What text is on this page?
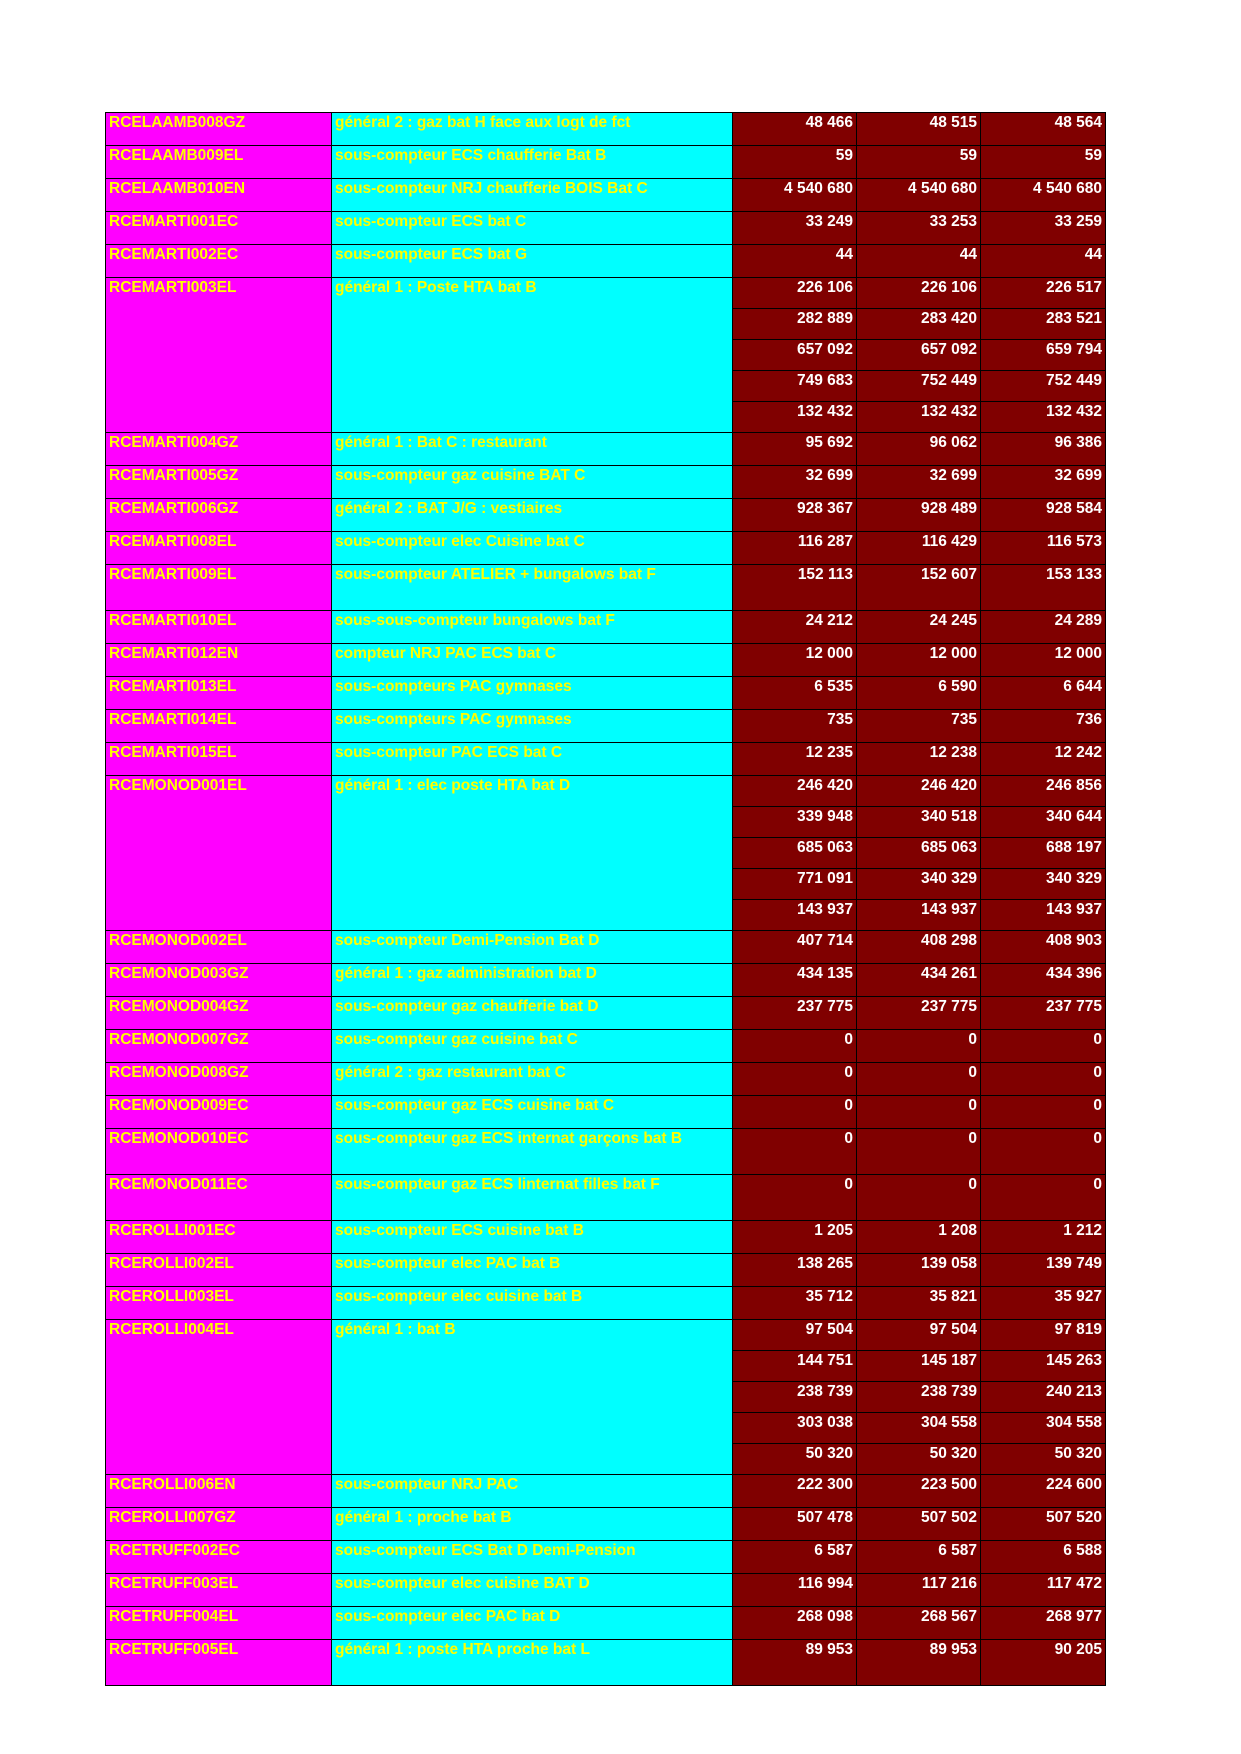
RCELAAMB008GZ	général 2 : gaz bat H face aux logt de fct	48 466	48 515	48 564
RCELAAMB009EL	sous-compteur ECS chaufferie Bat B	59	59	59
RCELAAMB010EN	sous-compteur NRJ chaufferie BOIS Bat C	4 540 680	4 540 680	4 540 680
RCEMARTI001EC	sous-compteur ECS bat C	33 249	33 253	33 259
RCEMARTI002EC	sous-compteur ECS bat G	44	44	44
RCEMARTI003EL	général 1 : Poste HTA bat B	226 106	226 106	226 517
		282 889	283 420	283 521
		657 092	657 092	659 794
		749 683	752 449	752 449
		132 432	132 432	132 432
RCEMARTI004GZ	général 1 : Bat C : restaurant	95 692	96 062	96 386
RCEMARTI005GZ	sous-compteur gaz cuisine BAT C	32 699	32 699	32 699
RCEMARTI006GZ	général 2 : BAT J/G : vestiaires	928 367	928 489	928 584
RCEMARTI008EL	sous-compteur elec Cuisine bat C	116 287	116 429	116 573
RCEMARTI009EL	sous-compteur ATELIER + bungalows bat F	152 113	152 607	153 133
RCEMARTI010EL	sous-sous-compteur bungalows bat F	24 212	24 245	24 289
RCEMARTI012EN	compteur NRJ PAC ECS bat C	12 000	12 000	12 000
RCEMARTI013EL	sous-compteurs PAC gymnases	6 535	6 590	6 644
RCEMARTI014EL	sous-compteurs PAC gymnases	735	735	736
RCEMARTI015EL	sous-compteur PAC ECS bat C	12 235	12 238	12 242
RCEMONOD001EL	général 1 : elec poste HTA bat D	246 420	246 420	246 856
		339 948	340 518	340 644
		685 063	685 063	688 197
		771 091	340 329	340 329
		143 937	143 937	143 937
RCEMONOD002EL	sous-compteur Demi-Pension Bat D	407 714	408 298	408 903
RCEMONOD003GZ	général 1 : gaz administration bat D	434 135	434 261	434 396
RCEMONOD004GZ	sous-compteur gaz chaufferie bat D	237 775	237 775	237 775
RCEMONOD007GZ	sous-compteur gaz cuisine bat C	0	0	0
RCEMONOD008GZ	général 2 : gaz restaurant bat C	0	0	0
RCEMONOD009EC	sous-compteur gaz ECS cuisine bat C	0	0	0
RCEMONOD010EC	sous-compteur gaz ECS internat garçons bat B	0	0	0
RCEMONOD011EC	sous-compteur gaz ECS linternat filles bat F	0	0	0
RCEROLLI001EC	sous-compteur ECS cuisine bat B	1 205	1 208	1 212
RCEROLLI002EL	sous-compteur elec PAC bat B	138 265	139 058	139 749
RCEROLLI003EL	sous-compteur elec cuisine bat B	35 712	35 821	35 927
RCEROLLI004EL	général 1 : bat B	97 504	97 504	97 819
		144 751	145 187	145 263
		238 739	238 739	240 213
		303 038	304 558	304 558
		50 320	50 320	50 320
RCEROLLI006EN	sous-compteur NRJ PAC	222 300	223 500	224 600
RCEROLLI007GZ	général 1 : proche bat B	507 478	507 502	507 520
RCETRUFF002EC	sous-compteur ECS Bat D Demi-Pension	6 587	6 587	6 588
RCETRUFF003EL	sous-compteur elec cuisine BAT D	116 994	117 216	117 472
RCETRUFF004EL	sous-compteur elec PAC bat D	268 098	268 567	268 977
RCETRUFF005EL	général 1 : poste HTA proche bat L	89 953	89 953	90 205
